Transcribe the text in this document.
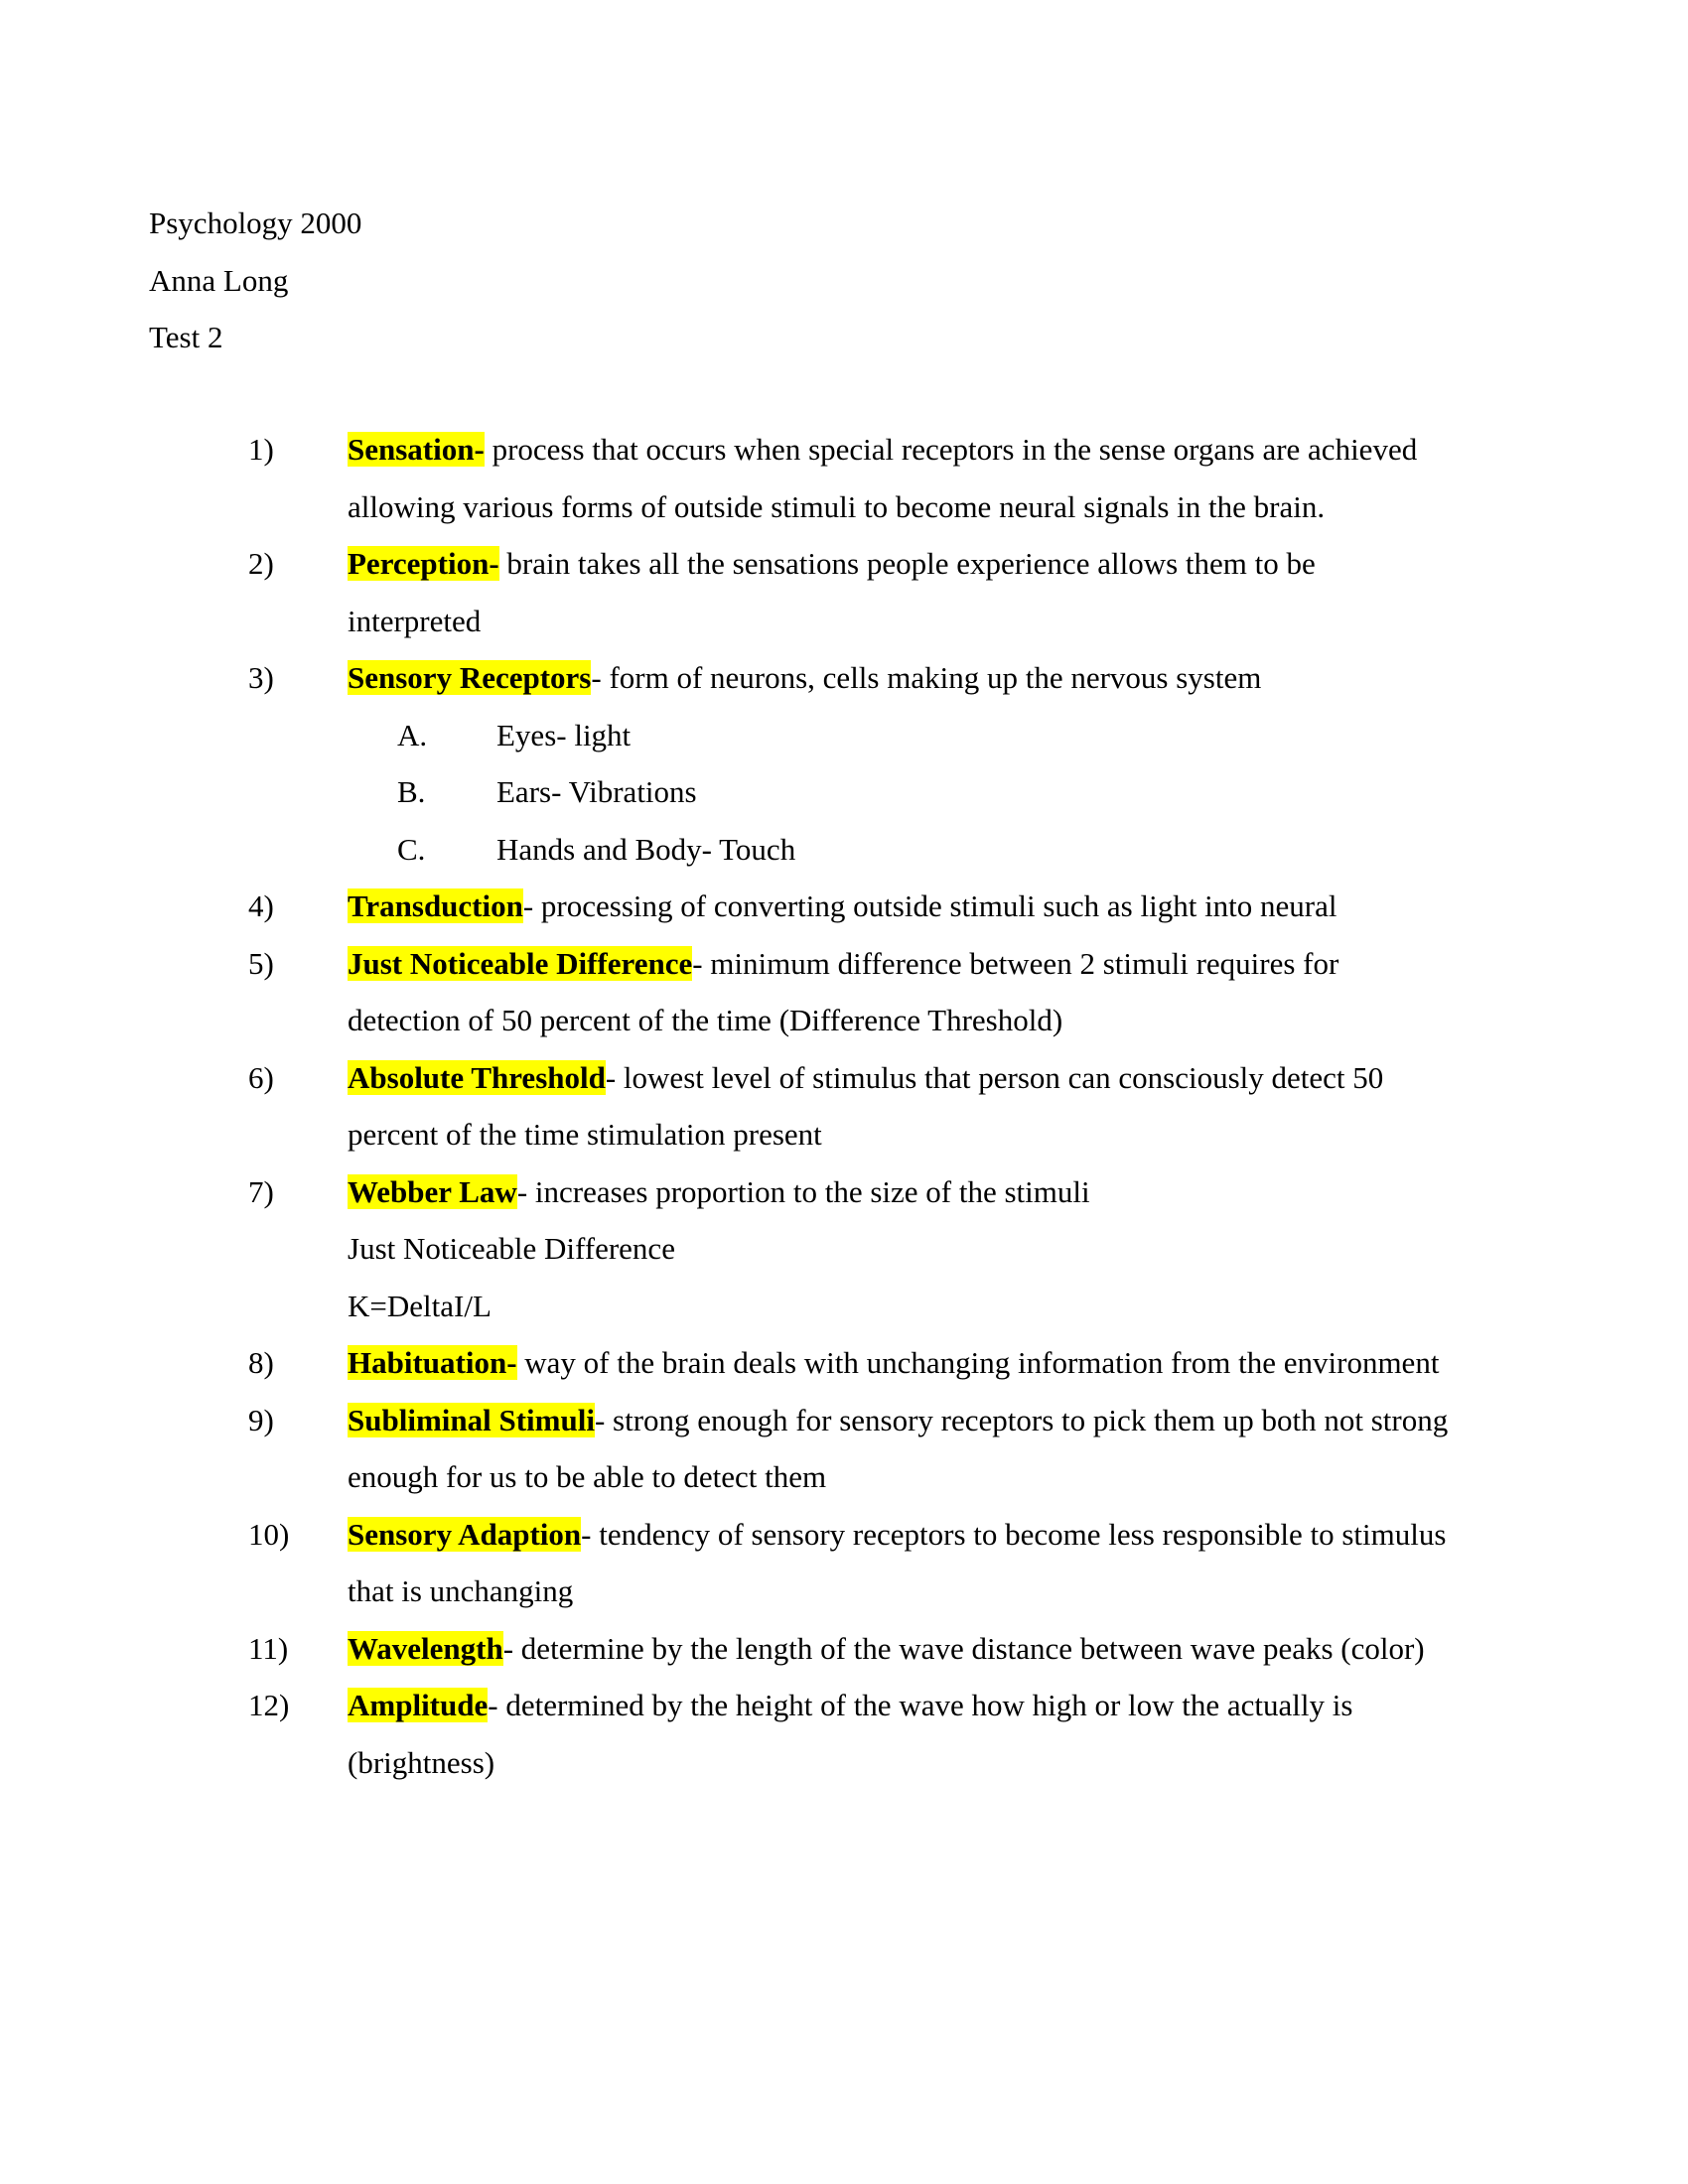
Psychology 2000
Anna Long
Test 2
1) Sensation- process that occurs when special receptors in the sense organs are achieved allowing various forms of outside stimuli to become neural signals in the brain.
2) Perception- brain takes all the sensations people experience allows them to be interpreted
3) Sensory Receptors- form of neurons, cells making up the nervous system
A. Eyes- light
B. Ears- Vibrations
C. Hands and Body- Touch
4) Transduction- processing of converting outside stimuli such as light into neural
5) Just Noticeable Difference- minimum difference between 2 stimuli requires for detection of 50 percent of the time (Difference Threshold)
6) Absolute Threshold- lowest level of stimulus that person can consciously detect 50 percent of the time stimulation present
7) Webber Law- increases proportion to the size of the stimuli
Just Noticeable Difference
K=DeltaI/L
8) Habituation- way of the brain deals with unchanging information from the environment
9) Subliminal Stimuli- strong enough for sensory receptors to pick them up both not strong enough for us to be able to detect them
10) Sensory Adaption- tendency of sensory receptors to become less responsible to stimulus that is unchanging
11) Wavelength- determine by the length of the wave distance between wave peaks (color)
12) Amplitude- determined by the height of the wave how high or low the actually is (brightness)
